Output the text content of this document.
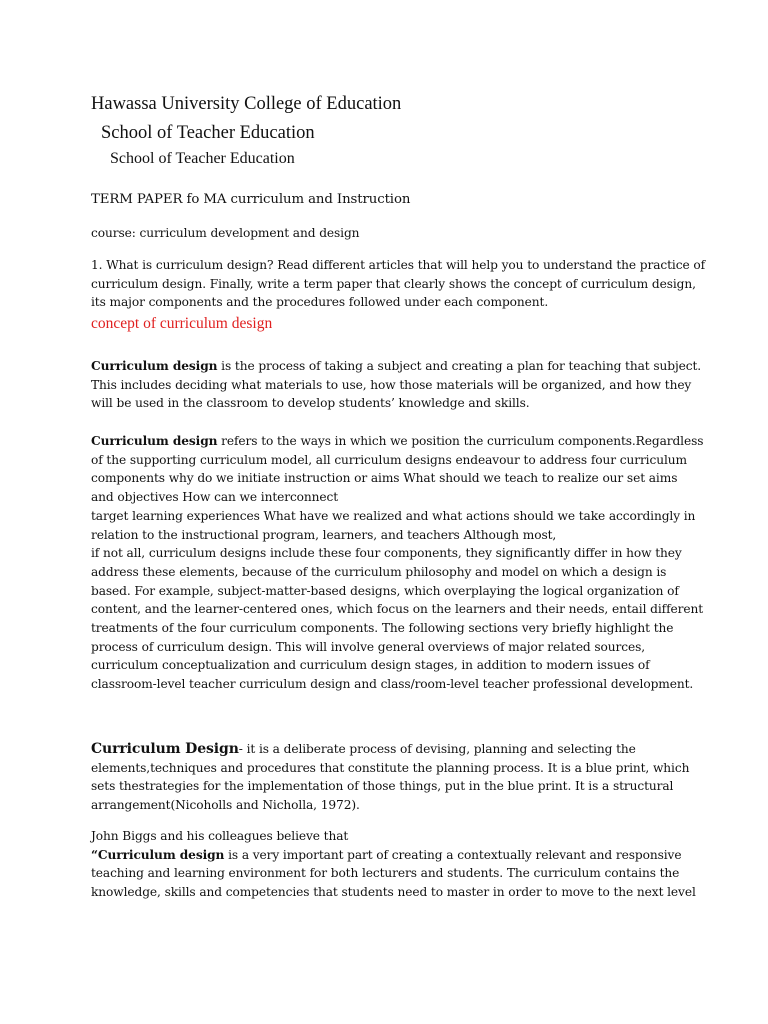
Hawassa University College of Education
School of Teacher Education
School of Teacher Education
TERM PAPER fo MA curriculum and Instruction
course: curriculum development and design

1. What is curriculum design? Read different articles that will help you to understand the practice of

curriculum design. Finally, write a term paper that clearly shows the concept of curriculum design,

its major components and the procedures followed under each component.

concept of curriculum design

Curriculum design is the process of taking a subject and creating a plan for teaching that subject.

This includes deciding what materials to use, how those materials will be organized, and how they

will be used in the classroom to develop students’ knowledge and skills.

Curriculum design refers to the ways in which we position the curriculum components.Regardless

of the supporting curriculum model, all curriculum designs endeavour to address four curriculum

components why do we initiate instruction or aims What should we teach to realize our set aims

and objectives How can we interconnect

target learning experiences What have we realized and what actions should we take accordingly in

relation to the instructional program, learners, and teachers Although most,

if not all, curriculum designs include these four components, they significantly differ in how they

address these elements, because of the curriculum philosophy and model on which a design is

based. For example, subject-matter-based designs, which overplaying the logical organization of

content, and the learner-centered ones, which focus on the learners and their needs, entail different

treatments of the four curriculum components. The following sections very briefly highlight the

process of curriculum design. This will involve general overviews of major related sources,

curriculum conceptualization and curriculum design stages, in addition to modern issues of

classroom-level teacher curriculum design and class/room-level teacher professional development.

Curriculum Design- it is a deliberate process of devising, planning and selecting the

elements,techniques and procedures that constitute the planning process. It is a blue print, which

sets thestrategies for the implementation of those things, put in the blue print. It is a structural

arrangement(Nicoholls and Nicholla, 1972).

John Biggs and his colleagues believe that

“Curriculum design is a very important part of creating a contextually relevant and responsive

teaching and learning environment for both lecturers and students. The curriculum contains the

knowledge, skills and competencies that students need to master in order to move to the next level
